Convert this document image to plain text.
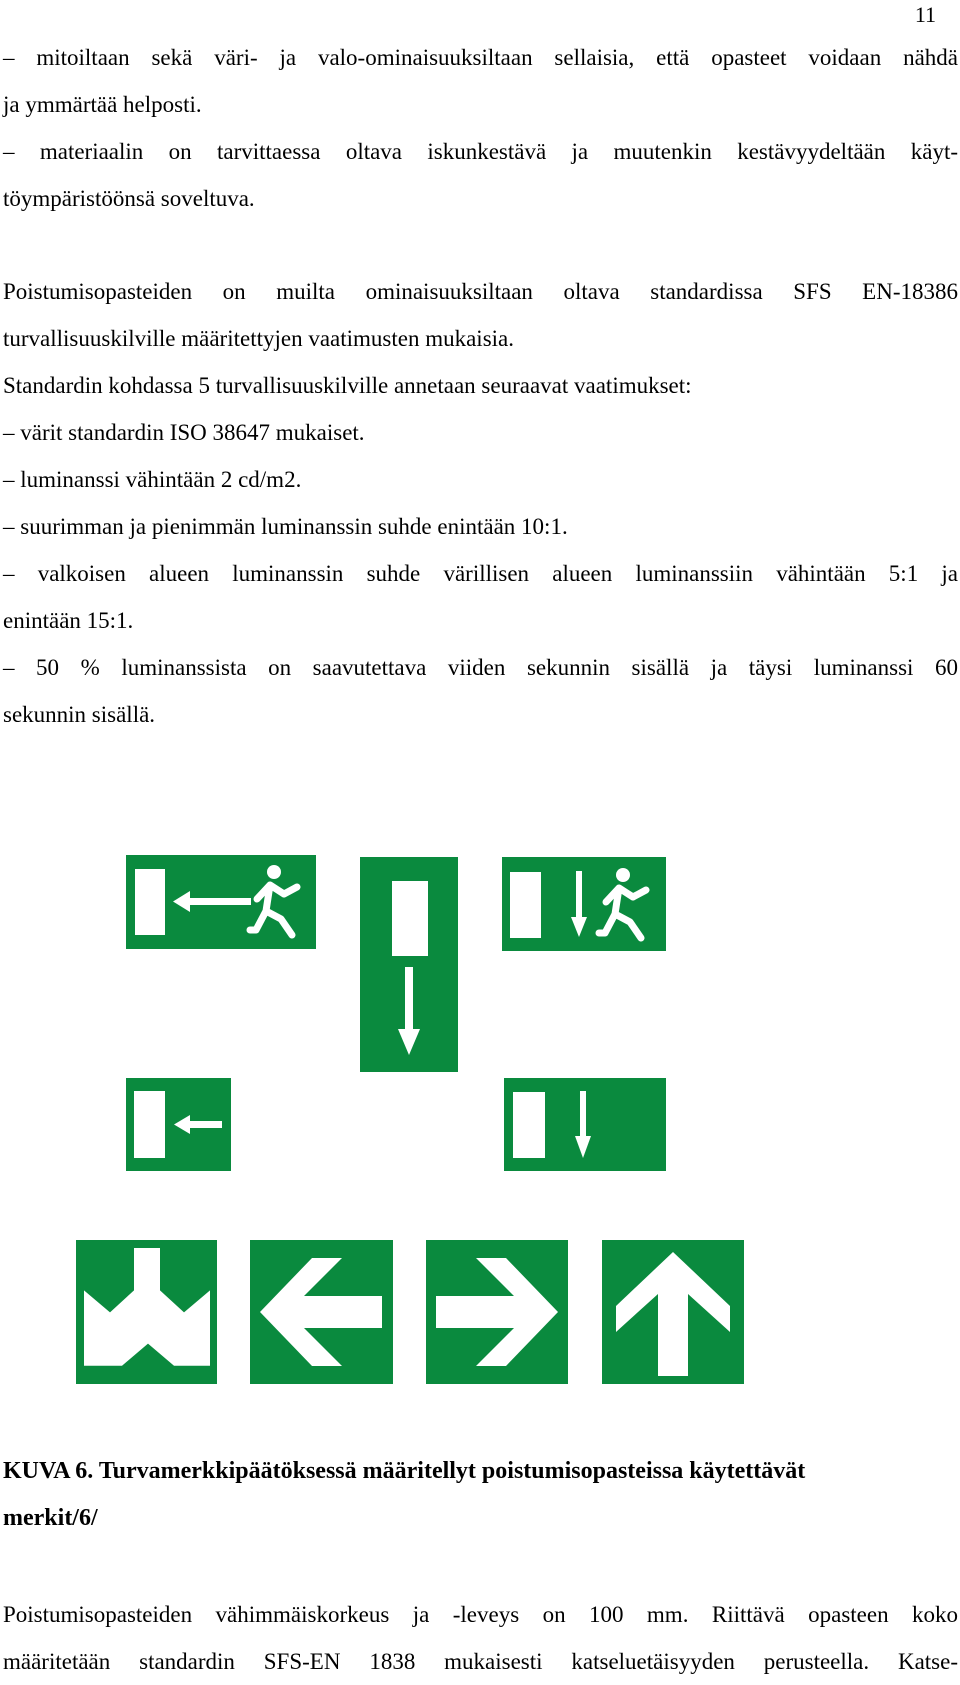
11
– mitoiltaan sekä väri- ja valo-ominaisuuksiltaan sellaisia, että opasteet voidaan nähdä
ja ymmärtää helposti.
– materiaalin on tarvittaessa oltava iskunkestävä ja muutenkin kestävyydeltään käyt-
töympäristöönsä soveltuva.
Poistumisopasteiden on muilta ominaisuuksiltaan oltava standardissa SFS EN-18386
turvallisuuskilville määritettyjen vaatimusten mukaisia.
Standardin kohdassa 5 turvallisuuskilville annetaan seuraavat vaatimukset:
– värit standardin ISO 38647 mukaiset.
– luminanssi vähintään 2 cd/m2.
– suurimman ja pienimmän luminanssin suhde enintään 10:1.
– valkoisen alueen luminanssin suhde värillisen alueen luminanssiin vähintään 5:1 ja
enintään 15:1.
– 50 % luminanssista on saavutettava viiden sekunnin sisällä ja täysi luminanssi 60
sekunnin sisällä.
KUVA 6. Turvamerkkipäätöksessä määritellyt poistumisopasteissa käytettävät
merkit/6/
Poistumisopasteiden vähimmäiskorkeus ja -leveys on 100 mm. Riittävä opasteen koko
määritetään standardin SFS-EN 1838 mukaisesti katseluetäisyyden perusteella. Katse-
